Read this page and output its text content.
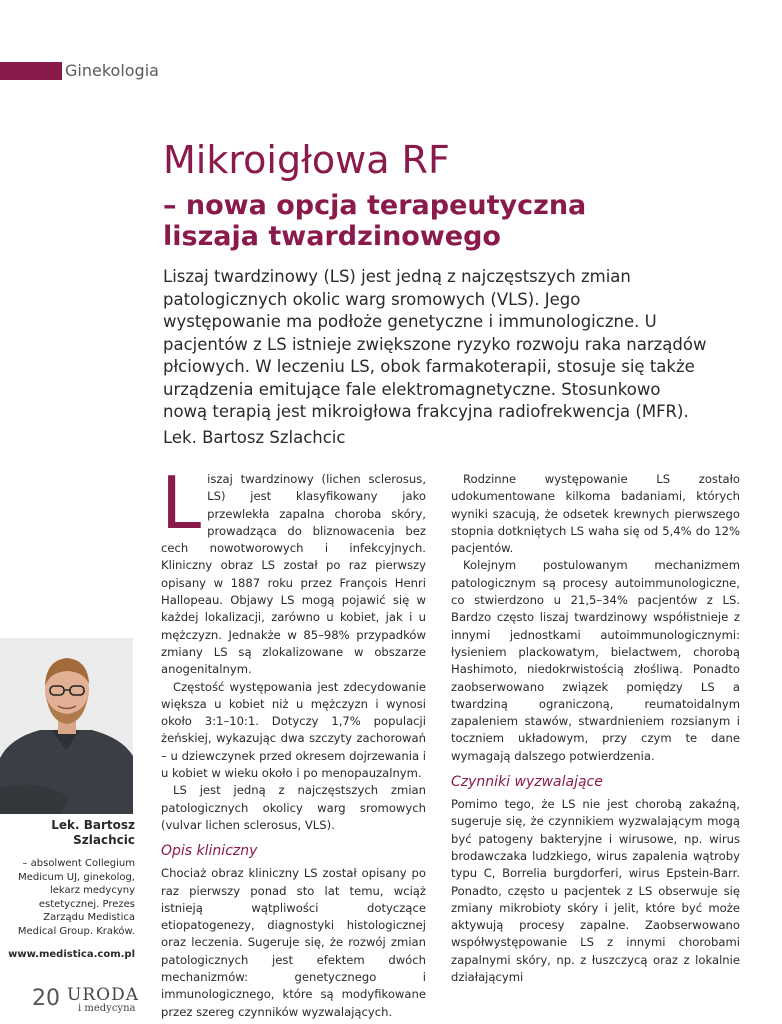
Ginekologia
Mikroigłowa RF
– nowa opcja terapeutyczna
liszaja twardzinowego
Liszaj twardzinowy (LS) jest jedną z najczęstszych zmian
patologicznych okolic warg sromowych (VLS). Jego
występowanie ma podłoże genetyczne i immunologiczne. U
pacjentów z LS istnieje zwiększone ryzyko rozwoju raka narządów
płciowych. W leczeniu LS, obok farmakoterapii, stosuje się także
urządzenia emitujące fale elektromagnetyczne. Stosunkowo
nową terapią jest mikroigłowa frakcyjna radiofrekwencja (MFR).
Lek. Bartosz Szlachcic

Liszaj twardzinowy (lichen sclerosus, LS) jest klasyfikowany jako przewlekła zapalna choroba skóry, prowadząca do bliznowacenia bez cech nowotworowych i infekcyjnych. Kliniczny obraz LS został po raz pierwszy opisany w 1887 roku przez François Henri Hallopeau. Objawy LS mogą pojawić się w każdej lokalizacji, zarówno u kobiet, jak i u mężczyzn. Jednakże w 85–98% przypadków zmiany LS są zlokalizowane w obszarze anogenitalnym.

Częstość występowania jest zdecydowanie większa u kobiet niż u mężczyzn i wynosi około 3:1–10:1. Dotyczy 1,7% populacji żeńskiej, wykazując dwa szczyty zachorowań – u dziewczynek przed okresem dojrzewania i u kobiet w wieku około i po menopauzalnym.

LS jest jedną z najczęstszych zmian patologicznych okolicy warg sromowych (vulvar lichen sclerosus, VLS).

Opis kliniczny

Chociaż obraz kliniczny LS został opisany po raz pierwszy ponad sto lat temu, wciąż istnieją wątpliwości dotyczące etiopatogenezy, diagnostyki histologicznej oraz leczenia. Sugeruje się, że rozwój zmian patologicznych jest efektem dwóch mechanizmów: genetycznego i immunologicznego, które są modyfikowane przez szereg czynników wyzwalających.

Rodzinne występowanie LS zostało udokumentowane kilkoma badaniami, których wyniki szacują, że odsetek krewnych pierwszego stopnia dotkniętych LS waha się od 5,4% do 12% pacjentów.

Kolejnym postulowanym mechanizmem patologicznym są procesy autoimmunologiczne, co stwierdzono u 21,5–34% pacjentów z LS. Bardzo często liszaj twardzinowy współistnieje z innymi jednostkami autoimmunologicznymi: łysieniem plackowatym, bielactwem, chorobą Hashimoto, niedokrwistością złośliwą. Ponadto zaobserwowano związek pomiędzy LS a twardziną ograniczoną, reumatoidalnym zapaleniem stawów, stwardnieniem rozsianym i toczniem układowym, przy czym te dane wymagają dalszego potwierdzenia.

Czynniki wyzwalające

Pomimo tego, że LS nie jest chorobą zakaźną, sugeruje się, że czynnikiem wyzwalającym mogą być patogeny bakteryjne i wirusowe, np. wirus brodawczaka ludzkiego, wirus zapalenia wątroby typu C, Borrelia burgdorferi, wirus Epstein-Barr. Ponadto, często u pacjentek z LS obserwuje się zmiany mikrobioty skóry i jelit, które być może aktywują procesy zapalne. Zaobserwowano współwystępowanie LS z innymi chorobami zapalnymi skóry, np. z łuszczycą oraz z lokalnie działającymi

Lek. Bartosz
Szlachcic
– absolwent Collegium
Medicum UJ, ginekolog,
lekarz medycyny
estetycznej. Prezes
Zarządu Medistica
Medical Group. Kraków.
www.medistica.com.pl
20 URODA
i medycyna
